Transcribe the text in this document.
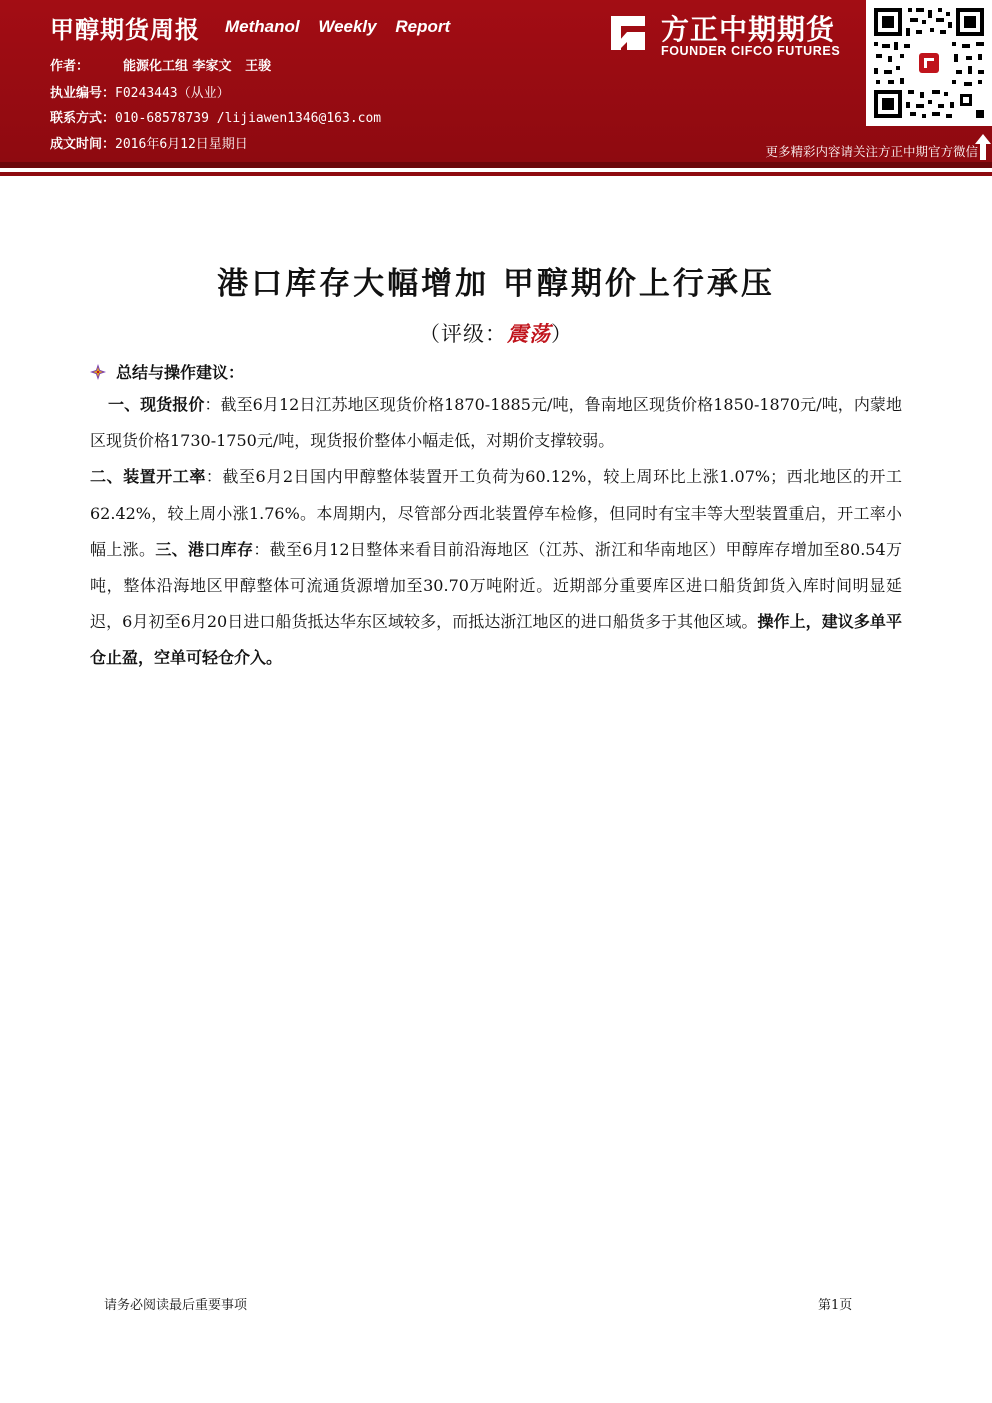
甲醇期货周报 Methanol Weekly Report
作者：	能源化工组 李家文   王骏
执业编号：F0243443（从业）
联系方式：010-68578739 /lijiawen1346@163.com
成文时间：2016年6月12日星期日
方正中期期货
FOUNDER CIFCO FUTURES
更多精彩内容请关注方正中期官方微信
港口库存大幅增加 甲醇期价上行承压
（评级：震荡）
总结与操作建议：

一、现货报价：截至6月12日江苏地区现货价格1870-1885元/吨，鲁南地区现货价格1850-1870元/吨，内蒙地区现货价格1730-1750元/吨，现货报价整体小幅走低，对期价支撑较弱。

二、装置开工率：截至6月2日国内甲醇整体装置开工负荷为60.12%，较上周环比上涨1.07%；西北地区的开工62.42%，较上周小涨1.76%。本周期内，尽管部分西北装置停车检修，但同时有宝丰等大型装置重启，开工率小幅上涨。三、港口库存：截至6月12日整体来看目前沿海地区（江苏、浙江和华南地区）甲醇库存增加至80.54万吨，整体沿海地区甲醇整体可流通货源增加至30.70万吨附近。近期部分重要库区进口船货卸货入库时间明显延迟，6月初至6月20日进口船货抵达华东区域较多，而抵达浙江地区的进口船货多于其他区域。操作上，建议多单平仓止盈，空单可轻仓介入。

请务必阅读最后重要事项	第1页
